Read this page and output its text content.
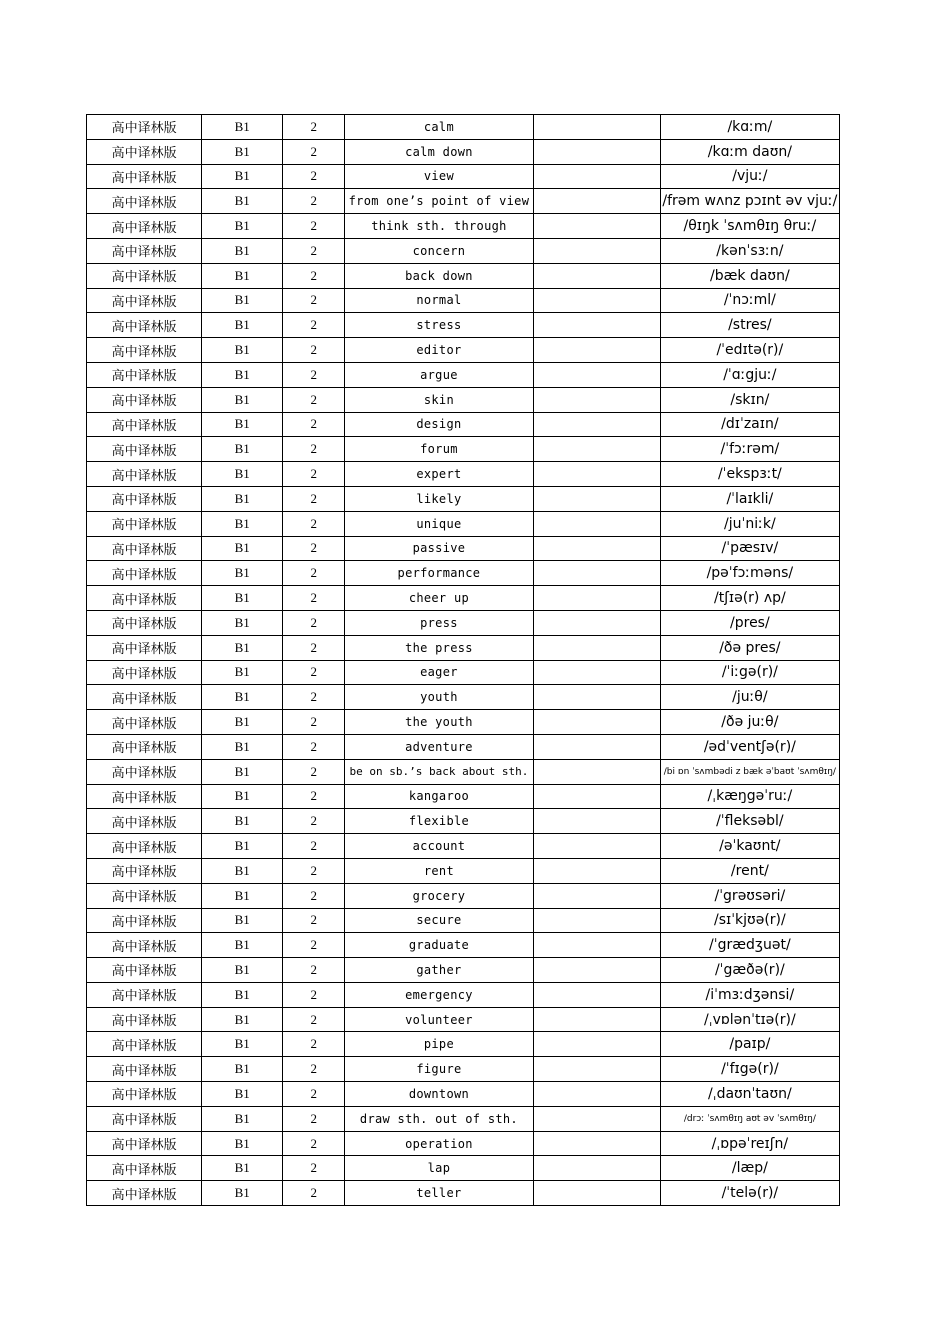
高中译林版	B1	2	calm		/kɑːm/
高中译林版	B1	2	calm down		/kɑːm daʊn/
高中译林版	B1	2	view		/vjuː/
高中译林版	B1	2	from one’s point of view		/frəm wʌnz pɔɪnt əv vjuː/
高中译林版	B1	2	think sth. through		/θɪŋk ˈsʌmθɪŋ θruː/
高中译林版	B1	2	concern		/kənˈsɜːn/
高中译林版	B1	2	back down		/bæk daʊn/
高中译林版	B1	2	normal		/ˈnɔːml/
高中译林版	B1	2	stress		/stres/
高中译林版	B1	2	editor		/ˈedɪtə(r)/
高中译林版	B1	2	argue		/ˈɑːgjuː/
高中译林版	B1	2	skin		/skɪn/
高中译林版	B1	2	design		/dɪˈzaɪn/
高中译林版	B1	2	forum		/ˈfɔːrəm/
高中译林版	B1	2	expert		/ˈekspɜːt/
高中译林版	B1	2	likely		/ˈlaɪkli/
高中译林版	B1	2	unique		/juˈniːk/
高中译林版	B1	2	passive		/ˈpæsɪv/
高中译林版	B1	2	performance		/pəˈfɔːməns/
高中译林版	B1	2	cheer up		/tʃɪə(r) ʌp/
高中译林版	B1	2	press		/pres/
高中译林版	B1	2	the press		/ðə pres/
高中译林版	B1	2	eager		/ˈiːgə(r)/
高中译林版	B1	2	youth		/juːθ/
高中译林版	B1	2	the youth		/ðə juːθ/
高中译林版	B1	2	adventure		/ədˈventʃə(r)/
高中译林版	B1	2	be on sb.’s back about sth.		/bi ɒn ˈsʌmbədi z bæk əˈbaʊt ˈsʌmθɪŋ/
高中译林版	B1	2	kangaroo		/ˌkæŋgəˈruː/
高中译林版	B1	2	flexible		/ˈfleksəbl/
高中译林版	B1	2	account		/əˈkaʊnt/
高中译林版	B1	2	rent		/rent/
高中译林版	B1	2	grocery		/ˈgrəʊsəri/
高中译林版	B1	2	secure		/sɪˈkjʊə(r)/
高中译林版	B1	2	graduate		/ˈgrædʒuət/
高中译林版	B1	2	gather		/ˈgæðə(r)/
高中译林版	B1	2	emergency		/iˈmɜːdʒənsi/
高中译林版	B1	2	volunteer		/ˌvɒlənˈtɪə(r)/
高中译林版	B1	2	pipe		/paɪp/
高中译林版	B1	2	figure		/ˈfɪgə(r)/
高中译林版	B1	2	downtown		/ˌdaʊnˈtaʊn/
高中译林版	B1	2	draw sth. out of sth.		/drɔː ˈsʌmθɪŋ aʊt əv ˈsʌmθɪŋ/
高中译林版	B1	2	operation		/ˌɒpəˈreɪʃn/
高中译林版	B1	2	lap		/læp/
高中译林版	B1	2	teller		/ˈtelə(r)/
